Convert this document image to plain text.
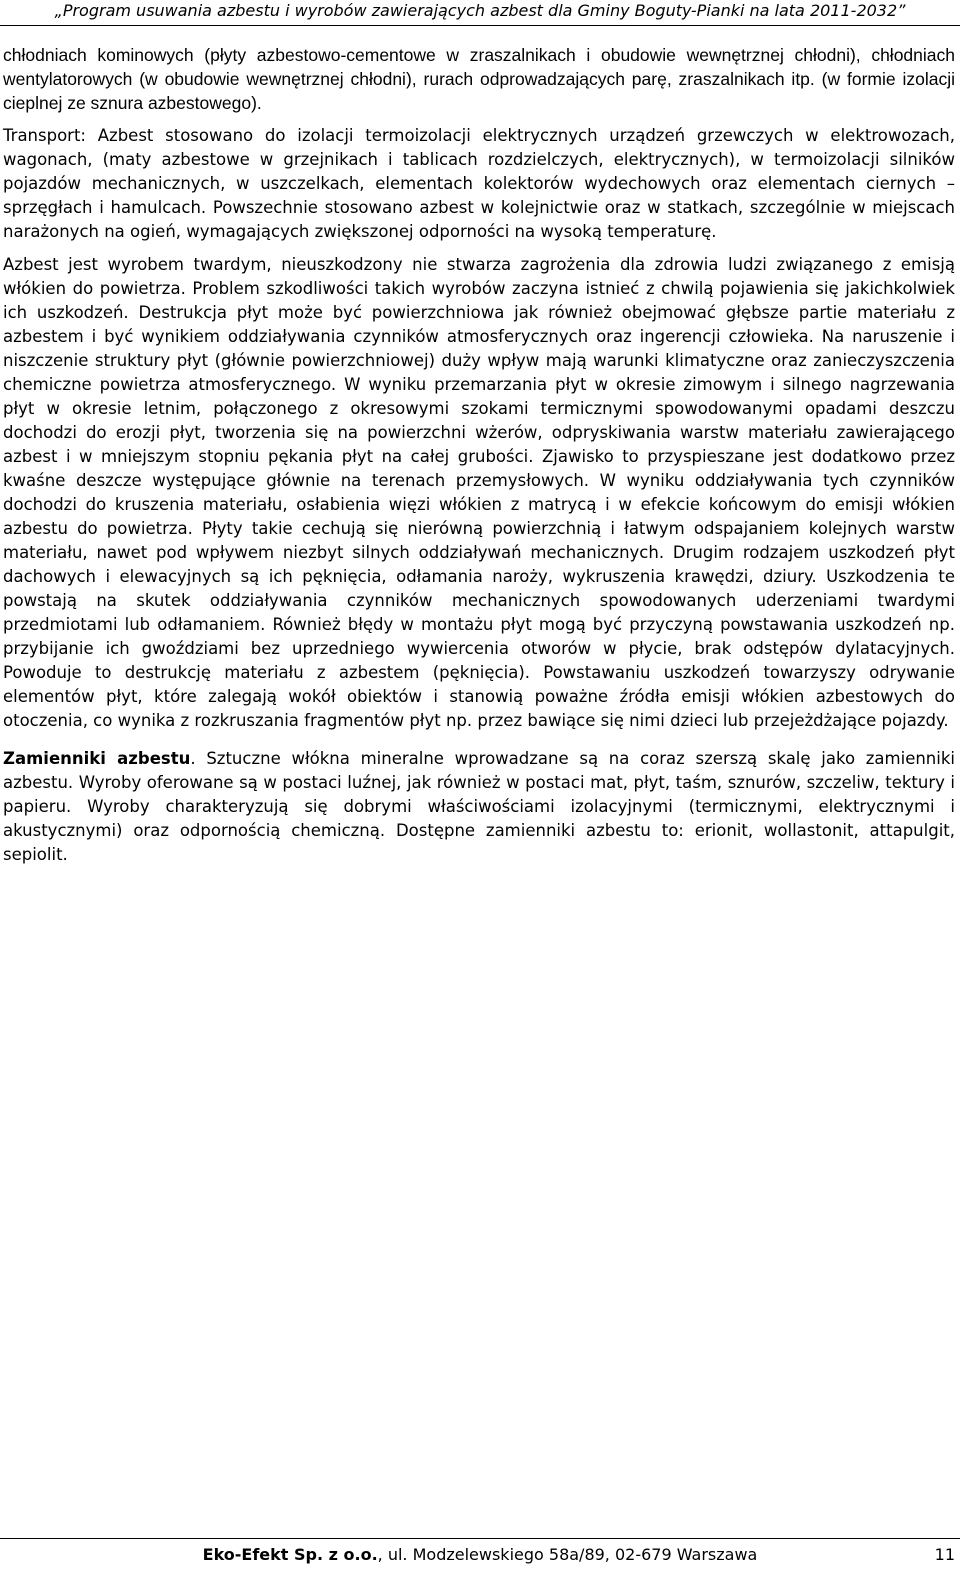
„Program usuwania azbestu i wyrobów zawierających azbest dla Gminy Boguty-Pianki na lata 2011-2032”

chłodniach kominowych (płyty azbestowo-cementowe w zraszalnikach i obudowie wewnętrznej chłodni), chłodniach wentylatorowych (w obudowie wewnętrznej chłodni), rurach odprowadzających parę, zraszalnikach itp. (w formie izolacji cieplnej ze sznura azbestowego).

Transport: Azbest stosowano do izolacji termoizolacji elektrycznych urządzeń grzewczych w elektrowozach, wagonach, (maty azbestowe w grzejnikach i tablicach rozdzielczych, elektrycznych), w termoizolacji silników pojazdów mechanicznych, w uszczelkach, elementach kolektorów wydechowych oraz elementach ciernych – sprzęgłach i hamulcach. Powszechnie stosowano azbest w kolejnictwie oraz w statkach, szczególnie w miejscach narażonych na ogień, wymagających zwiększonej odporności na wysoką temperaturę.

Azbest jest wyrobem twardym, nieuszkodzony nie stwarza zagrożenia dla zdrowia ludzi związanego z emisją włókien do powietrza. Problem szkodliwości takich wyrobów zaczyna istnieć z chwilą pojawienia się jakichkolwiek ich uszkodzeń. Destrukcja płyt może być powierzchniowa jak również obejmować głębsze partie materiału z azbestem i być wynikiem oddziaływania czynników atmosferycznych oraz ingerencji człowieka. Na naruszenie i niszczenie struktury płyt (głównie powierzchniowej) duży wpływ mają warunki klimatyczne oraz zanieczyszczenia chemiczne powietrza atmosferycznego. W wyniku przemarzania płyt w okresie zimowym i silnego nagrzewania płyt w okresie letnim, połączonego z okresowymi szokami termicznymi spowodowanymi opadami deszczu dochodzi do erozji płyt, tworzenia się na powierzchni wżerów, odpryskiwania warstw materiału zawierającego azbest i w mniejszym stopniu pękania płyt na całej grubości. Zjawisko to przyspieszane jest dodatkowo przez kwaśne deszcze występujące głównie na terenach przemysłowych. W wyniku oddziaływania tych czynników dochodzi do kruszenia materiału, osłabienia więzi włókien z matrycą i w efekcie końcowym do emisji włókien azbestu do powietrza. Płyty takie cechują się nierówną powierzchnią i łatwym odspajaniem kolejnych warstw materiału, nawet pod wpływem niezbyt silnych oddziaływań mechanicznych. Drugim rodzajem uszkodzeń płyt dachowych i elewacyjnych są ich pęknięcia, odłamania naroży, wykruszenia krawędzi, dziury. Uszkodzenia te powstają na skutek oddziaływania czynników mechanicznych spowodowanych uderzeniami twardymi przedmiotami lub odłamaniem. Również błędy w montażu płyt mogą być przyczyną powstawania uszkodzeń np. przybijanie ich gwoździami bez uprzedniego wywiercenia otworów w płycie, brak odstępów dylatacyjnych. Powoduje to destrukcję materiału z azbestem (pęknięcia). Powstawaniu uszkodzeń towarzyszy odrywanie elementów płyt, które zalegają wokół obiektów i stanowią poważne źródła emisji włókien azbestowych do otoczenia, co wynika z rozkruszania fragmentów płyt np. przez bawiące się nimi dzieci lub przejeżdżające pojazdy.

Zamienniki azbestu. Sztuczne włókna mineralne wprowadzane są na coraz szerszą skalę jako zamienniki azbestu. Wyroby oferowane są w postaci luźnej, jak również w postaci mat, płyt, taśm, sznurów, szczeliw, tektury i papieru. Wyroby charakteryzują się dobrymi właściwościami izolacyjnymi (termicznymi, elektrycznymi i akustycznymi) oraz odpornością chemiczną. Dostępne zamienniki azbestu to: erionit, wollastonit, attapulgit, sepiolit.

Eko-Efekt Sp. z o.o., ul. Modzelewskiego 58a/89, 02-679 Warszawa	11
